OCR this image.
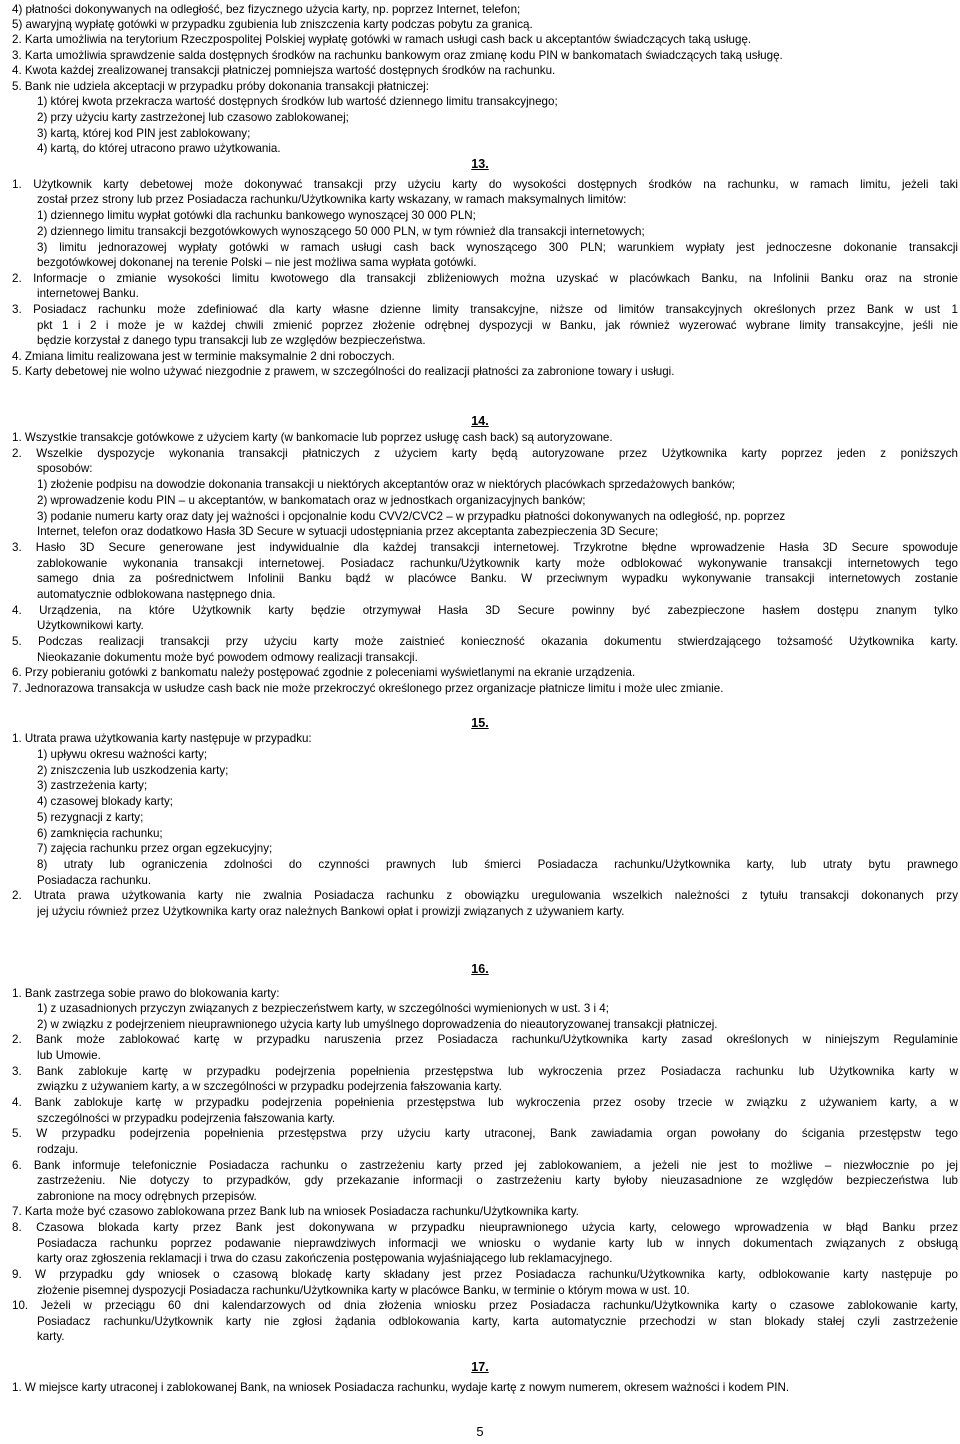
4) płatności dokonywanych na odległość, bez fizycznego użycia karty, np. poprzez Internet, telefon;
5) awaryjną wypłatę gotówki w przypadku zgubienia lub zniszczenia karty podczas pobytu za granicą.
2. Karta umożliwia na terytorium Rzeczpospolitej Polskiej wypłatę gotówki w ramach usługi cash back u akceptantów świadczących taką usługę.
3. Karta umożliwia sprawdzenie salda dostępnych środków na rachunku bankowym oraz zmianę kodu PIN w bankomatach świadczących taką usługę.
4. Kwota każdej zrealizowanej transakcji płatniczej pomniejsza wartość dostępnych środków na rachunku.
5. Bank nie udziela akceptacji w przypadku próby dokonania transakcji płatniczej:
1) której kwota przekracza wartość dostępnych środków lub wartość dziennego limitu transakcyjnego;
2) przy użyciu karty zastrzeżonej lub czasowo zablokowanej;
3) kartą, której kod PIN jest zablokowany;
4) kartą, do której utracono prawo użytkowania.
1. Użytkownik karty debetowej może dokonywać transakcji przy użyciu karty do wysokości dostępnych środków na rachunku, w ramach limitu, jeżeli taki
został przez strony lub przez Posiadacza rachunku/Użytkownika karty wskazany, w ramach maksymalnych limitów:
1) dziennego limitu wypłat gotówki dla rachunku bankowego wynoszącej 30 000 PLN;
2) dziennego limitu transakcji bezgotówkowych wynoszącego 50 000 PLN, w tym również dla transakcji internetowych;
3) limitu jednorazowej wypłaty gotówki w ramach usługi cash back wynoszącego 300 PLN; warunkiem wypłaty jest jednoczesne dokonanie transakcji
bezgotówkowej dokonanej na terenie Polski – nie jest możliwa sama wypłata gotówki.
2. Informacje o zmianie wysokości limitu kwotowego dla transakcji zbliżeniowych można uzyskać w placówkach Banku, na Infolinii Banku oraz na stronie
internetowej Banku.
3. Posiadacz rachunku może zdefiniować dla karty własne dzienne limity transakcyjne, niższe od limitów transakcyjnych określonych przez Bank w ust 1
pkt 1 i 2 i może je w każdej chwili zmienić poprzez złożenie odrębnej dyspozycji w Banku, jak również wyzerować wybrane limity transakcyjne, jeśli nie
będzie korzystał z danego typu transakcji lub ze względów bezpieczeństwa.
4. Zmiana limitu realizowana jest w terminie maksymalnie 2 dni roboczych.
5. Karty debetowej nie wolno używać niezgodnie z prawem, w szczególności do realizacji płatności za zabronione towary i usługi.
1. Wszystkie transakcje gotówkowe z użyciem karty (w bankomacie lub poprzez usługę cash back) są autoryzowane.
2. Wszelkie dyspozycje wykonania transakcji płatniczych z użyciem karty będą autoryzowane przez Użytkownika karty poprzez jeden z poniższych
sposobów:
1) złożenie podpisu na dowodzie dokonania transakcji u niektórych akceptantów oraz w niektórych placówkach sprzedażowych banków;
2) wprowadzenie kodu PIN – u akceptantów, w bankomatach oraz w jednostkach organizacyjnych banków;
3) podanie numeru karty oraz daty jej ważności i opcjonalnie kodu CVV2/CVC2 – w przypadku płatności dokonywanych na odległość, np. poprzez
Internet, telefon oraz dodatkowo Hasła 3D Secure w sytuacji udostępniania przez akceptanta zabezpieczenia 3D Secure;
3. Hasło 3D Secure generowane jest indywidualnie dla każdej transakcji internetowej. Trzykrotne błędne wprowadzenie Hasła 3D Secure spowoduje
zablokowanie wykonania transakcji internetowej. Posiadacz rachunku/Użytkownik karty może odblokować wykonywanie transakcji internetowych tego
samego dnia za pośrednictwem Infolinii Banku bądź w placówce Banku. W przeciwnym wypadku wykonywanie transakcji internetowych zostanie
automatycznie odblokowana następnego dnia.
4. Urządzenia, na które Użytkownik karty będzie otrzymywał Hasła 3D Secure powinny być zabezpieczone hasłem dostępu znanym tylko
Użytkownikowi karty.
5. Podczas realizacji transakcji przy użyciu karty może zaistnieć konieczność okazania dokumentu stwierdzającego tożsamość Użytkownika karty.
Nieokazanie dokumentu może być powodem odmowy realizacji transakcji.
6. Przy pobieraniu gotówki z bankomatu należy postępować zgodnie z poleceniami wyświetlanymi na ekranie urządzenia.
7. Jednorazowa transakcja w usłudze cash back nie może przekroczyć określonego przez organizacje płatnicze limitu i może ulec zmianie.
1. Utrata prawa użytkowania karty następuje w przypadku:
1) upływu okresu ważności karty;
2) zniszczenia lub uszkodzenia karty;
3) zastrzeżenia karty;
4) czasowej blokady karty;
5) rezygnacji z karty;
6) zamknięcia rachunku;
7) zajęcia rachunku przez organ egzekucyjny;
8) utraty lub ograniczenia zdolności do czynności prawnych lub śmierci Posiadacza rachunku/Użytkownika karty, lub utraty bytu prawnego
Posiadacza rachunku.
2. Utrata prawa użytkowania karty nie zwalnia Posiadacza rachunku z obowiązku uregulowania wszelkich należności z tytułu transakcji dokonanych przy
jej użyciu również przez Użytkownika karty oraz należnych Bankowi opłat i prowizji związanych z używaniem karty.
1. Bank zastrzega sobie prawo do blokowania karty:
1) z uzasadnionych przyczyn związanych z bezpieczeństwem karty, w szczególności wymienionych w ust. 3 i 4;
2) w związku z podejrzeniem nieuprawnionego użycia karty lub umyślnego doprowadzenia do nieautoryzowanej transakcji płatniczej.
2. Bank może zablokować kartę w przypadku naruszenia przez Posiadacza rachunku/Użytkownika karty zasad określonych w niniejszym Regulaminie
lub Umowie.
3. Bank zablokuje kartę w przypadku podejrzenia popełnienia przestępstwa lub wykroczenia przez Posiadacza rachunku lub Użytkownika karty w
związku z używaniem karty, a w szczególności w przypadku podejrzenia fałszowania karty.
4. Bank zablokuje kartę w przypadku podejrzenia popełnienia przestępstwa lub wykroczenia przez osoby trzecie w związku z używaniem karty, a w
szczególności w przypadku podejrzenia fałszowania karty.
5. W przypadku podejrzenia popełnienia przestępstwa przy użyciu karty utraconej, Bank zawiadamia organ powołany do ścigania przestępstw tego
rodzaju.
6. Bank informuje telefonicznie Posiadacza rachunku o zastrzeżeniu karty przed jej zablokowaniem, a jeżeli nie jest to możliwe – niezwłocznie po jej
zastrzeżeniu. Nie dotyczy to przypadków, gdy przekazanie informacji o zastrzeżeniu karty byłoby nieuzasadnione ze względów bezpieczeństwa lub
zabronione na mocy odrębnych przepisów.
7. Karta może być czasowo zablokowana przez Bank lub na wniosek Posiadacza rachunku/Użytkownika karty.
8. Czasowa blokada karty przez Bank jest dokonywana w przypadku nieuprawnionego użycia karty, celowego wprowadzenia w błąd Banku przez
Posiadacza rachunku poprzez podawanie nieprawdziwych informacji we wniosku o wydanie karty lub w innych dokumentach związanych z obsługą
karty oraz zgłoszenia reklamacji i trwa do czasu zakończenia postępowania wyjaśniającego lub reklamacyjnego.
9. W przypadku gdy wniosek o czasową blokadę karty składany jest przez Posiadacza rachunku/Użytkownika karty, odblokowanie karty następuje po
złożenie pisemnej dyspozycji Posiadacza rachunku/Użytkownika karty w placówce Banku, w terminie o którym mowa w ust. 10.
10. Jeżeli w przeciągu 60 dni kalendarzowych od dnia złożenia wniosku przez Posiadacza rachunku/Użytkownika karty o czasowe zablokowanie karty,
Posiadacz rachunku/Użytkownik karty nie zgłosi żądania odblokowania karty, karta automatycznie przechodzi w stan blokady stałej czyli zastrzeżenie
karty.
1. W miejsce karty utraconej i zablokowanej Bank, na wniosek Posiadacza rachunku, wydaje kartę z nowym numerem, okresem ważności i kodem PIN.
13.
14.
15.
16.
17.
5
